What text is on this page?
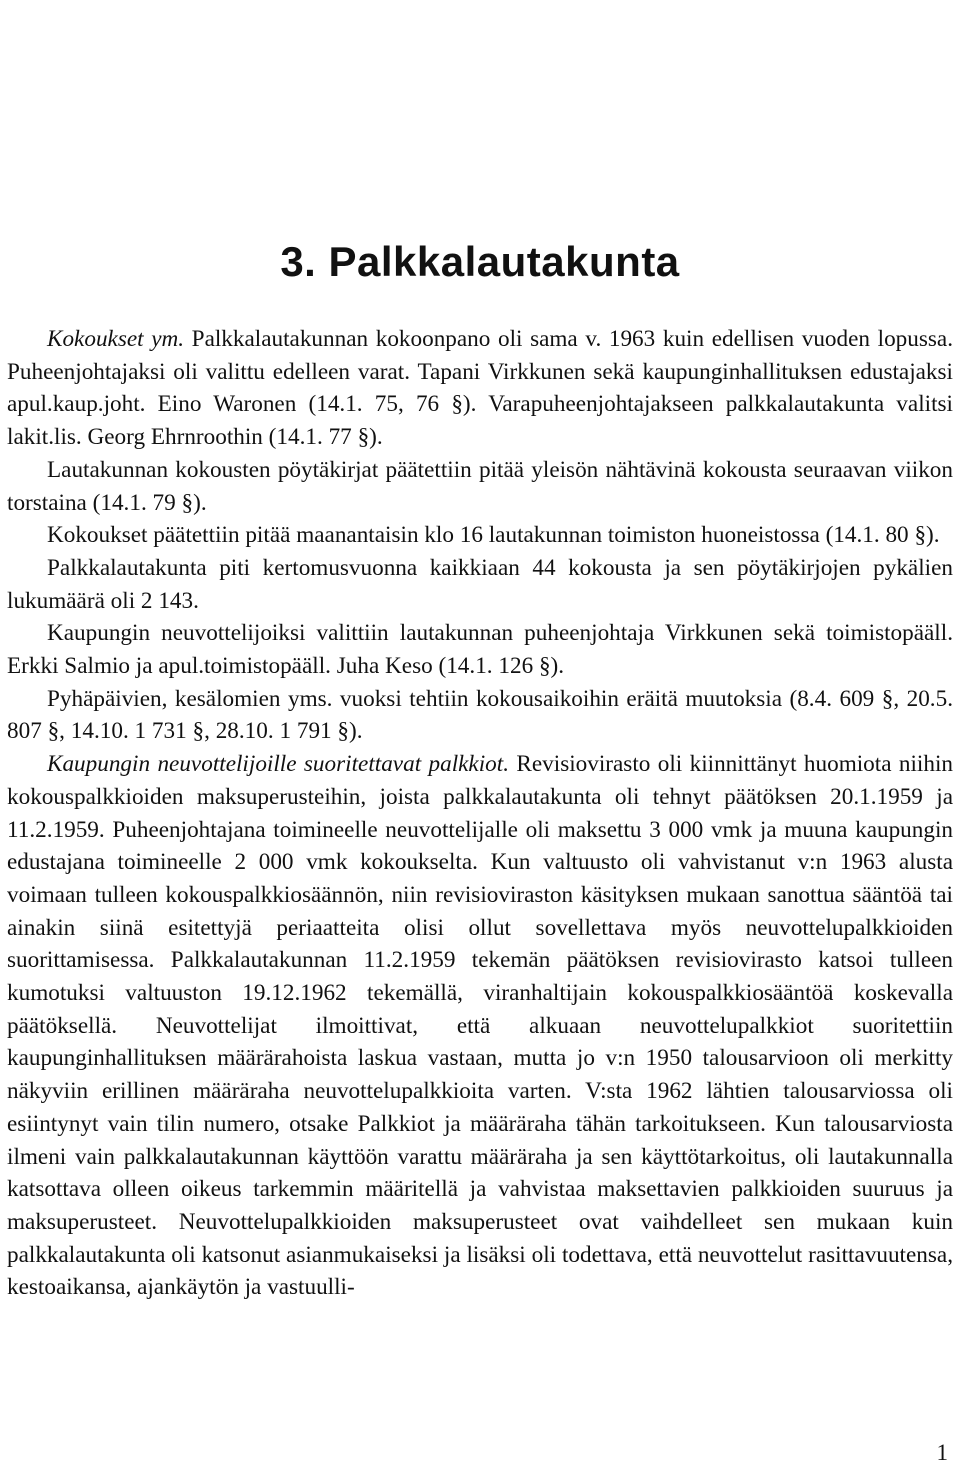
3. Palkkalautakunta

Kokoukset ym. Palkkalautakunnan kokoonpano oli sama v. 1963 kuin edellisen vuoden lopussa. Puheenjohtajaksi oli valittu edelleen varat. Tapani Virkkunen sekä kaupunginhallituksen edustajaksi apul.kaup.joht. Eino Waronen (14.1. 75, 76 §). Varapuheenjohtajakseen palkkalautakunta valitsi lakit.lis. Georg Ehrnroothin (14.1. 77 §).

Lautakunnan kokousten pöytäkirjat päätettiin pitää yleisön nähtävinä kokousta seuraavan viikon torstaina (14.1. 79 §).

Kokoukset päätettiin pitää maanantaisin klo 16 lautakunnan toimiston huoneistossa (14.1. 80 §).

Palkkalautakunta piti kertomusvuonna kaikkiaan 44 kokousta ja sen pöytäkirjojen pykälien lukumäärä oli 2 143.

Kaupungin neuvottelijoiksi valittiin lautakunnan puheenjohtaja Virkkunen sekä toimistopääll. Erkki Salmio ja apul.toimistopääll. Juha Keso (14.1. 126 §).

Pyhäpäivien, kesälomien yms. vuoksi tehtiin kokousaikoihin eräitä muutoksia (8.4. 609 §, 20.5. 807 §, 14.10. 1 731 §, 28.10. 1 791 §).

Kaupungin neuvottelijoille suoritettavat palkkiot. Revisiovirasto oli kiinnittänyt huomiota niihin kokouspalkkioiden maksuperusteihin, joista palkkalautakunta oli tehnyt päätöksen 20.1.1959 ja 11.2.1959. Puheenjohtajana toimineelle neuvottelijalle oli maksettu 3 000 vmk ja muuna kaupungin edustajana toimineelle 2 000 vmk kokoukselta. Kun valtuusto oli vahvistanut v:n 1963 alusta voimaan tulleen kokouspalkkiosäännön, niin revisioviraston käsityksen mukaan sanottua sääntöä tai ainakin siinä esitettyjä periaatteita olisi ollut sovellettava myös neuvottelupalkkioiden suorittamisessa. Palkkalautakunnan 11.2.1959 tekemän päätöksen revisiovirasto katsoi tulleen kumotuksi valtuuston 19.12.1962 tekemällä, viranhaltijain kokouspalkkiosääntöä koskevalla päätöksellä. Neuvottelijat ilmoittivat, että alkuaan neuvottelupalkkiot suoritettiin kaupunginhallituksen määrärahoista laskua vastaan, mutta jo v:n 1950 talousarvioon oli merkitty näkyviin erillinen määräraha neuvottelupalkkioita varten. V:sta 1962 lähtien talousarviossa oli esiintynyt vain tilin numero, otsake Palkkiot ja määräraha tähän tarkoitukseen. Kun talousarviosta ilmeni vain palkkalautakunnan käyttöön varattu määräraha ja sen käyttötarkoitus, oli lautakunnalla katsottava olleen oikeus tarkemmin määritellä ja vahvistaa maksettavien palkkioiden suuruus ja maksuperusteet. Neuvottelupalkkioiden maksuperusteet ovat vaihdelleet sen mukaan kuin palkkalautakunta oli katsonut asianmukaiseksi ja lisäksi oli todettava, että neuvottelut rasittavuutensa, kestoaikansa, ajankäytön ja vastuulli-

1
